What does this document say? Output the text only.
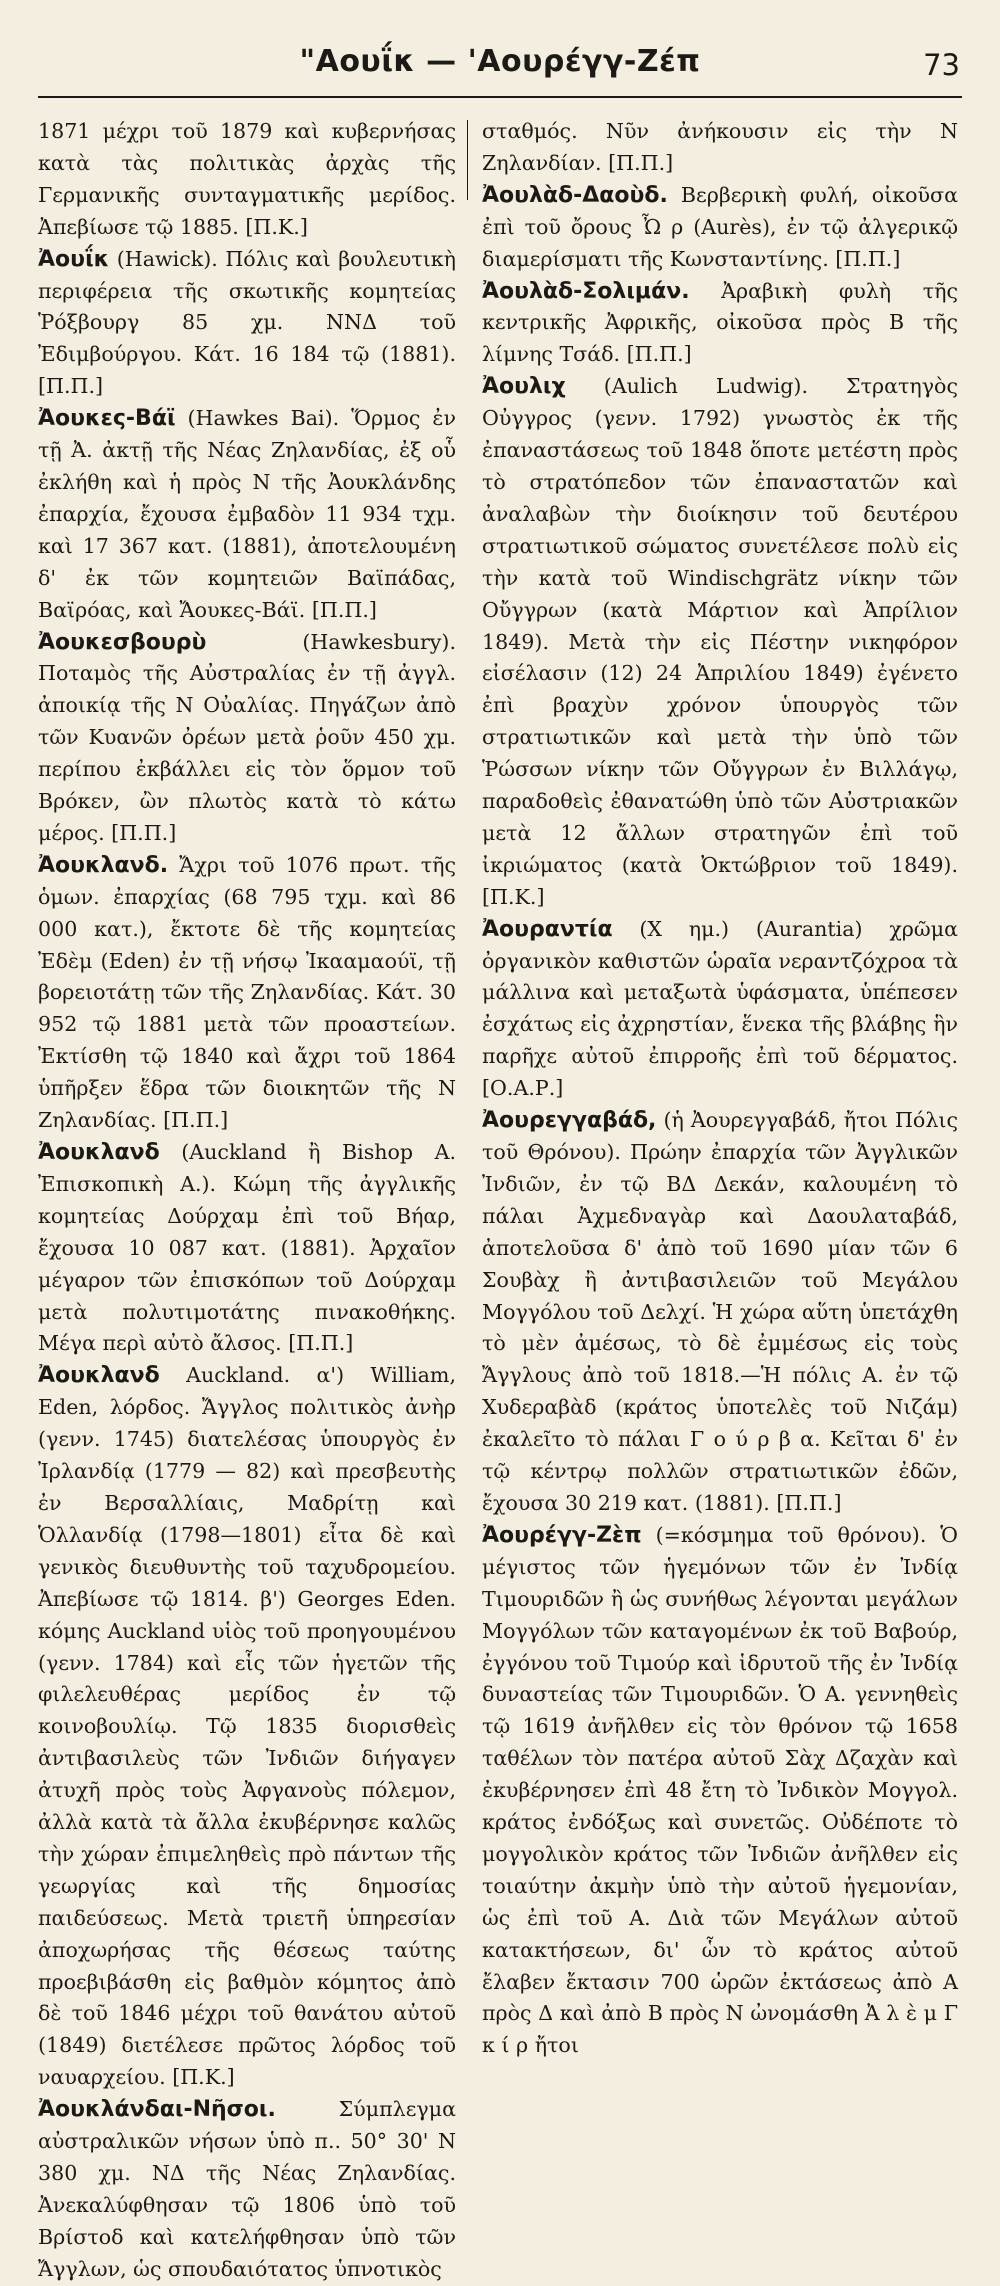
"Αουΐκ — 'Αουρέγγ-Ζέπ	73

1871 μέχρι τοῦ 1879 καὶ κυβερνήσας κατὰ τὰς πολιτικὰς ἀρχὰς τῆς Γερμανικῆς συνταγματικῆς μερίδος. Ἀπεβίωσε τῷ 1885. [Π.Κ.]

Ἀουΐκ (Hawick). Πόλις καὶ βουλευτικὴ περιφέρεια τῆς σκωτικῆς κομητείας Ῥόξβουργ 85 χμ. ΝΝΔ τοῦ Ἐδιμβούργου. Κάτ. 16 184 τῷ (1881). [Π.Π.]

Ἀουκες-Βάϊ (Hawkes Bai). Ὅρμος ἐν τῇ Ἀ. ἀκτῇ τῆς Νέας Ζηλανδίας, ἐξ οὗ ἐκλήθη καὶ ἡ πρὸς Ν τῆς Ἀουκλάνδης ἐπαρχία, ἔχουσα ἐμβαδὸν 11 934 τχμ. καὶ 17 367 κατ. (1881), ἀποτελουμένη δ' ἐκ τῶν κομητειῶν Βαϊπάδας, Βαϊρόας, καὶ Ἄουκες-Βάϊ. [Π.Π.]

Ἀουκεσβουρὺ	(Hawkesbury). Ποταμὸς τῆς Αὐστραλίας ἐν τῇ ἀγγλ. ἀποικίᾳ τῆς Ν Οὐαλίας. Πηγάζων ἀπὸ τῶν Κυανῶν ὀρέων μετὰ ῥοῦν 450 χμ. περίπου ἐκβάλλει εἰς τὸν ὅρμον τοῦ Βρόκεν, ὢν πλωτὸς κατὰ τὸ κάτω μέρος. [Π.Π.]

Ἀουκλανδ. Ἄχρι τοῦ 1076 πρωτ. τῆς ὁμων. ἐπαρχίας (68 795 τχμ. καὶ 86 000 κατ.), ἔκτοτε δὲ τῆς κομητείας Ἐδὲμ (Eden) ἐν τῇ νήσῳ Ἰκααμαούϊ, τῇ βορειοτάτῃ τῶν τῆς Ζηλανδίας. Κάτ. 30 952 τῷ 1881 μετὰ τῶν προαστείων. Ἐκτίσθη τῷ 1840 καὶ ἄχρι τοῦ 1864 ὑπῆρξεν ἕδρα τῶν διοικητῶν τῆς Ν Ζηλανδίας. [Π.Π.]

Ἀουκλανδ (Auckland ἢ Bishop A. Ἐπισκοπικὴ Α.). Κώμη τῆς ἀγγλικῆς κομητείας Δούρχαμ ἐπὶ τοῦ Βήαρ, ἔχουσα 10 087 κατ. (1881). Ἀρχαῖον μέγαρον τῶν ἐπισκόπων τοῦ Δούρχαμ μετὰ πολυτιμοτάτης πινακοθήκης. Μέγα περὶ αὐτὸ ἄλσος. [Π.Π.]

Ἀουκλανδ Auckland. α') William, Eden, λόρδος. Ἄγγλος πολιτικὸς ἀνὴρ (γενν. 1745) διατελέσας ὑπουργὸς ἐν Ἰρλανδίᾳ (1779 — 82) καὶ πρεσβευτὴς ἐν Βερσαλλίαις, Μαδρίτῃ καὶ Ὁλλανδίᾳ (1798—1801) εἶτα δὲ καὶ γενικὸς διευθυντὴς τοῦ ταχυδρομείου. Ἀπεβίωσε τῷ 1814. β') Georges Eden. κόμης Auckland υἱὸς τοῦ προηγουμένου (γενν. 1784) καὶ εἷς τῶν ἡγετῶν τῆς φιλελευθέρας μερίδος ἐν τῷ κοινοβουλίῳ. Τῷ 1835 διορισθεὶς ἀντιβασιλεὺς τῶν Ἰνδιῶν διήγαγεν ἀτυχῆ πρὸς τοὺς Ἀφγανοὺς πόλεμον, ἀλλὰ κατὰ τὰ ἄλλα ἐκυβέρνησε καλῶς τὴν χώραν ἐπιμεληθεὶς πρὸ πάντων τῆς γεωργίας καὶ τῆς δημοσίας παιδεύσεως. Μετὰ τριετῆ ὑπηρεσίαν ἀποχωρήσας τῆς θέσεως ταύτης προεβιβάσθη εἰς βαθμὸν κόμητος ἀπὸ δὲ τοῦ 1846 μέχρι τοῦ θανάτου αὐτοῦ (1849) διετέλεσε πρῶτος λόρδος τοῦ ναυαρχείου. [Π.Κ.]

Ἀουκλάνδαι-Νῆσοι.	Σύμπλεγμα αὐστραλικῶν νήσων ὑπὸ π.. 50° 30' Ν 380 χμ. ΝΔ τῆς Νέας Ζηλανδίας. Ἀνεκαλύφθησαν τῷ 1806 ὑπὸ τοῦ Βρίστοδ καὶ κατελήφθησαν ὑπὸ τῶν Ἄγγλων, ὡς σπουδαιότατος ὑπνοτικὸς

σταθμός. Νῦν ἀνήκουσιν εἰς τὴν Ν Ζηλανδίαν. [Π.Π.]

Ἀουλὰδ-Δαοὺδ. Βερβερικὴ φυλή, οἰκοῦσα ἐπὶ τοῦ ὄρους Ὦ ρ (Aurès), ἐν τῷ ἀλγερικῷ διαμερίσματι τῆς Κωνσταντίνης. [Π.Π.]

Ἀουλὰδ-Σολιμάν. Ἀραβικὴ φυλὴ τῆς κεντρικῆς Ἀφρικῆς, οἰκοῦσα πρὸς Β τῆς λίμνης Τσάδ. [Π.Π.]

Ἀουλιχ (Aulich Ludwig). Στρατηγὸς Οὐγγρος (γενν. 1792) γνωστὸς ἐκ τῆς ἐπαναστάσεως τοῦ 1848 ὅποτε μετέστη πρὸς τὸ στρατόπεδον τῶν ἐπαναστατῶν καὶ ἀναλαβὼν τὴν διοίκησιν τοῦ δευτέρου στρατιωτικοῦ σώματος συνετέλεσε πολὺ εἰς τὴν κατὰ τοῦ Windischgrätz νίκην τῶν Οὔγγρων (κατὰ Μάρτιον καὶ Ἀπρίλιον 1849). Μετὰ τὴν εἰς Πέστην νικηφόρον εἰσέλασιν (12) 24 Ἀπριλίου 1849) ἐγένετο ἐπὶ βραχὺν χρόνον ὑπουργὸς τῶν στρατιωτικῶν καὶ μετὰ τὴν ὑπὸ τῶν Ῥώσσων νίκην τῶν Οὔγγρων ἐν Βιλλάγῳ, παραδοθεὶς ἐθανατώθη ὑπὸ τῶν Αὐστριακῶν μετὰ 12 ἄλλων στρατηγῶν ἐπὶ τοῦ ἰκριώματος (κατὰ Ὀκτώβριον τοῦ 1849). [Π.Κ.]

Ἀουραντία (X ημ.) (Aurantia) χρῶμα ὀργανικὸν καθιστῶν ὡραῖα νεραντζόχροα τὰ μάλλινα καὶ μεταξωτὰ ὑφάσματα, ὑπέπεσεν ἐσχάτως εἰς ἀχρηστίαν, ἕνεκα τῆς βλάβης ἣν παρῆχε αὐτοῦ ἐπιρροῆς ἐπὶ τοῦ δέρματος. [Ο.Α.Ρ.]

Ἀουρεγγαβάδ, (ἡ Ἀουρεγγαβάδ, ἤτοι Πόλις τοῦ Θρόνου). Πρώην ἐπαρχία τῶν Ἀγγλικῶν Ἰνδιῶν, ἐν τῷ ΒΔ Δεκάν, καλουμένη τὸ πάλαι Ἀχμεδναγὰρ καὶ Δαουλαταβάδ, ἀποτελοῦσα δ' ἀπὸ τοῦ 1690 μίαν τῶν 6 Σουβὰχ ἢ ἀντιβασιλειῶν τοῦ Μεγάλου Μογγόλου τοῦ Δελχί. Ἡ χώρα αὕτη ὑπετάχθη τὸ μὲν ἀμέσως, τὸ δὲ ἐμμέσως εἰς τοὺς Ἄγγλους ἀπὸ τοῦ 1818.—Ἡ πόλις Α. ἐν τῷ Χυδεραβὰδ (κράτος ὑποτελὲς τοῦ Νιζάμ) ἐκαλεῖτο τὸ πάλαι Γ ο ύ ρ β α. Κεῖται δ' ἐν τῷ κέντρῳ πολλῶν στρατιωτικῶν ἐδῶν, ἔχουσα 30 219 κατ. (1881). [Π.Π.]

Ἀουρέγγ-Ζὲπ (=κόσμημα τοῦ θρόνου). Ὁ μέγιστος τῶν ἡγεμόνων τῶν ἐν Ἰνδίᾳ Τιμουριδῶν ἢ ὡς συνήθως λέγονται μεγάλων Μογγόλων τῶν καταγομένων ἐκ τοῦ Βαβούρ, ἐγγόνου τοῦ Τιμούρ καὶ ἱδρυτοῦ τῆς ἐν Ἰνδίᾳ δυναστείας τῶν Τιμουριδῶν. Ὁ Α. γεννηθεὶς τῷ 1619 ἀνῆλθεν εἰς τὸν θρόνον τῷ 1658 ταθέλων τὸν πατέρα αὐτοῦ Σὰχ Δζαχὰν καὶ ἐκυβέρνησεν ἐπὶ 48 ἔτη τὸ Ἰνδικὸν Μογγολ. κράτος ἐνδόξως καὶ συνετῶς. Οὐδέποτε τὸ μογγολικὸν κράτος τῶν Ἰνδιῶν ἀνῆλθεν εἰς τοιαύτην ἀκμὴν ὑπὸ τὴν αὐτοῦ ἡγεμονίαν, ὡς ἐπὶ τοῦ Α. Διὰ τῶν Μεγάλων αὐτοῦ κατακτήσεων, δι' ὧν τὸ κράτος αὐτοῦ ἔλαβεν ἔκτασιν 700 ὡρῶν ἐκτάσεως ἀπὸ Α πρὸς Δ καὶ ἀπὸ Β πρὸς Ν ὠνομάσθη Ἀ λ ὲ μ Γ κ ί ρ ἤτοι
